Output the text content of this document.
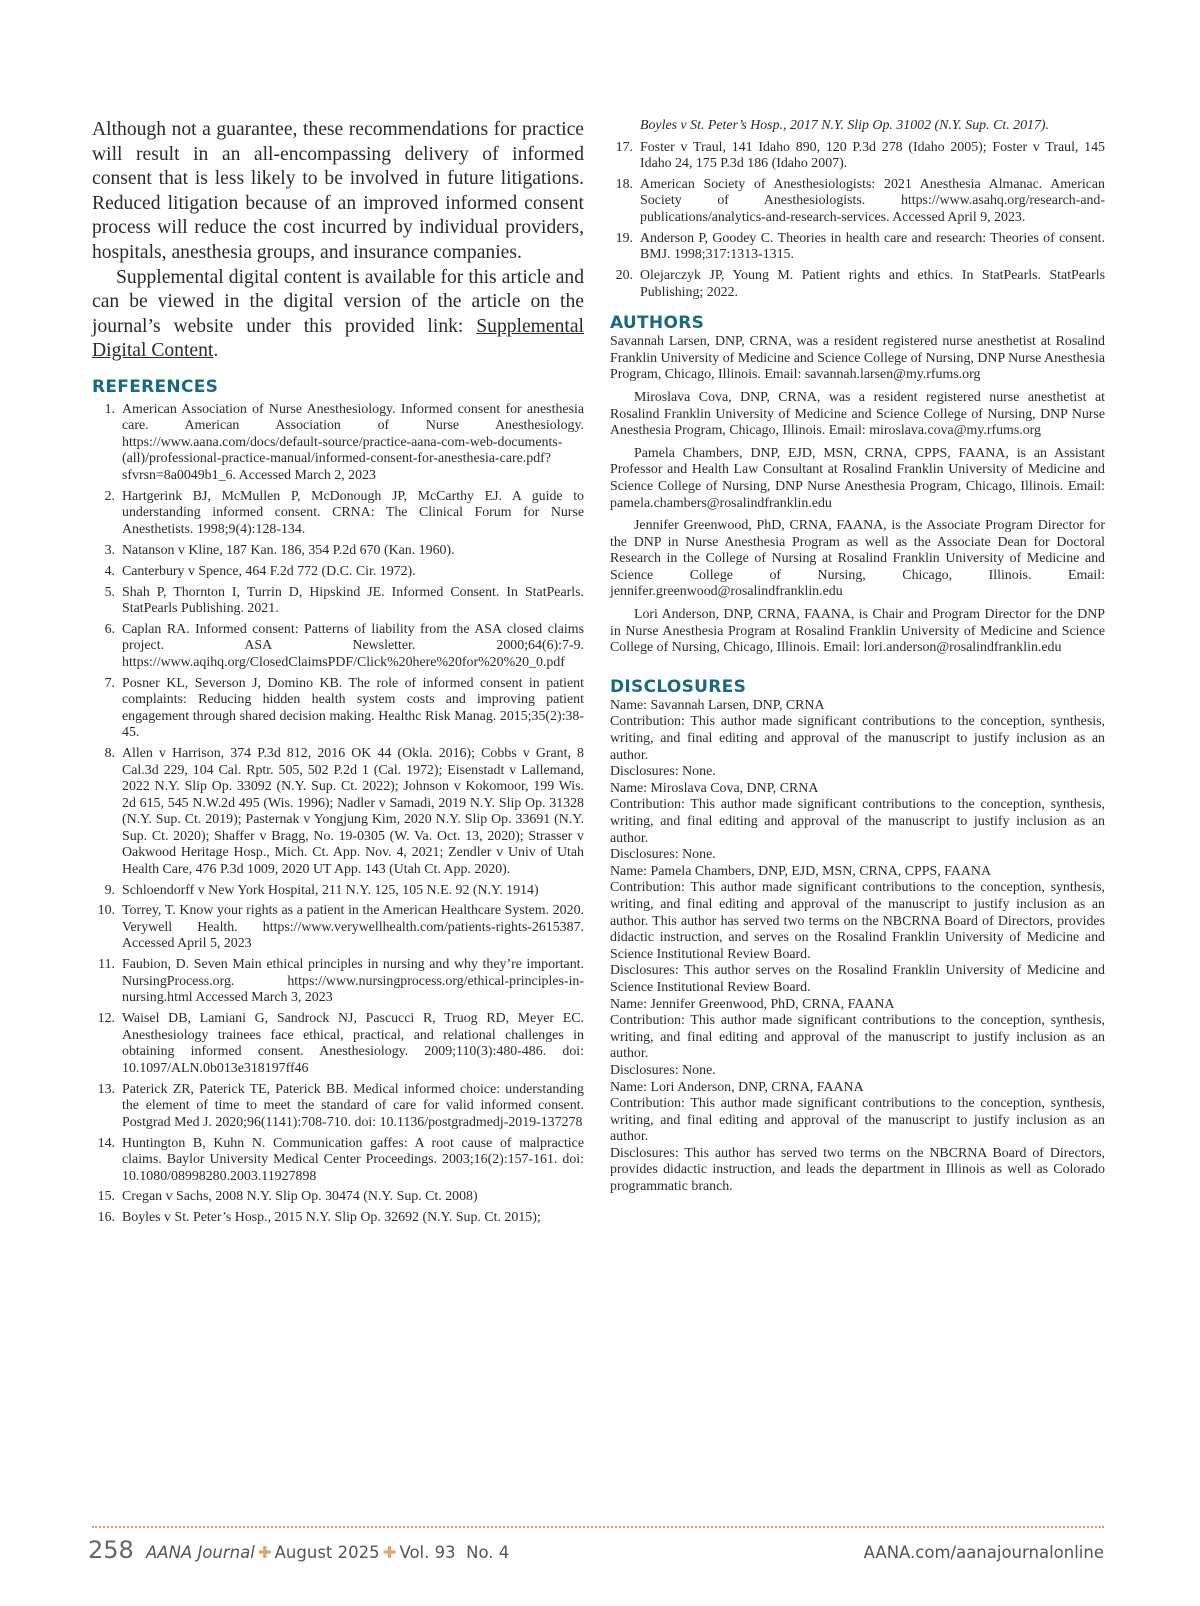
Although not a guarantee, these recommendations for practice will result in an all-encompassing delivery of informed consent that is less likely to be involved in future litigations. Reduced litigation because of an improved informed consent process will reduce the cost incurred by individual providers, hospitals, anesthesia groups, and insurance companies.

Supplemental digital content is available for this article and can be viewed in the digital version of the article on the journal’s website under this provided link: Supplemental Digital Content.

REFERENCES
1. American Association of Nurse Anesthesiology. Informed consent for anesthesia care. American Association of Nurse Anesthesiology. https://www.aana.com/docs/default-source/practice-aana-com-web-documents-(all)/professional-practice-manual/informed-consent-for-anesthesia-care.pdf?sfvrsn=8a0049b1_6. Accessed March 2, 2023
2. Hartgerink BJ, McMullen P, McDonough JP, McCarthy EJ. A guide to understanding informed consent. CRNA: The Clinical Forum for Nurse Anesthetists. 1998;9(4):128-134.
3. Natanson v Kline, 187 Kan. 186, 354 P.2d 670 (Kan. 1960).
4. Canterbury v Spence, 464 F.2d 772 (D.C. Cir. 1972).
5. Shah P, Thornton I, Turrin D, Hipskind JE. Informed Consent. In StatPearls. StatPearls Publishing. 2021.
6. Caplan RA. Informed consent: Patterns of liability from the ASA closed claims project. ASA Newsletter. 2000;64(6):7-9. https://www.aqihq.org/ClosedClaimsPDF/Click%20here%20for%20%20_0.pdf
7. Posner KL, Severson J, Domino KB. The role of informed consent in patient complaints: Reducing hidden health system costs and improving patient engagement through shared decision making. Healthc Risk Manag. 2015;35(2):38-45.
8. Allen v Harrison, 374 P.3d 812, 2016 OK 44 (Okla. 2016); Cobbs v Grant, 8 Cal.3d 229, 104 Cal. Rptr. 505, 502 P.2d 1 (Cal. 1972); Eisenstadt v Lallemand, 2022 N.Y. Slip Op. 33092 (N.Y. Sup. Ct. 2022); Johnson v Kokomoor, 199 Wis. 2d 615, 545 N.W.2d 495 (Wis. 1996); Nadler v Samadi, 2019 N.Y. Slip Op. 31328 (N.Y. Sup. Ct. 2019); Pasternak v Yongjung Kim, 2020 N.Y. Slip Op. 33691 (N.Y. Sup. Ct. 2020); Shaffer v Bragg, No. 19-0305 (W. Va. Oct. 13, 2020); Strasser v Oakwood Heritage Hosp., Mich. Ct. App. Nov. 4, 2021; Zendler v Univ of Utah Health Care, 476 P.3d 1009, 2020 UT App. 143 (Utah Ct. App. 2020).
9. Schloendorff v New York Hospital, 211 N.Y. 125, 105 N.E. 92 (N.Y. 1914)
10. Torrey, T. Know your rights as a patient in the American Healthcare System. 2020. Verywell Health. https://www.verywellhealth.com/patients-rights-2615387. Accessed April 5, 2023
11. Faubion, D. Seven Main ethical principles in nursing and why they’re important. NursingProcess.org. https://www.nursingprocess.org/ethical-principles-in-nursing.html Accessed March 3, 2023
12. Waisel DB, Lamiani G, Sandrock NJ, Pascucci R, Truog RD, Meyer EC. Anesthesiology trainees face ethical, practical, and relational challenges in obtaining informed consent. Anesthesiology. 2009;110(3):480-486. doi: 10.1097/ALN.0b013e318197ff46
13. Paterick ZR, Paterick TE, Paterick BB. Medical informed choice: understanding the element of time to meet the standard of care for valid informed consent. Postgrad Med J. 2020;96(1141):708-710. doi: 10.1136/postgradmedj-2019-137278
14. Huntington B, Kuhn N. Communication gaffes: A root cause of malpractice claims. Baylor University Medical Center Proceedings. 2003;16(2):157-161. doi: 10.1080/08998280.2003.11927898
15. Cregan v Sachs, 2008 N.Y. Slip Op. 30474 (N.Y. Sup. Ct. 2008)
16. Boyles v St. Peter’s Hosp., 2015 N.Y. Slip Op. 32692 (N.Y. Sup. Ct. 2015);
Boyles v St. Peter’s Hosp., 2017 N.Y. Slip Op. 31002 (N.Y. Sup. Ct. 2017).
17. Foster v Traul, 141 Idaho 890, 120 P.3d 278 (Idaho 2005); Foster v Traul, 145 Idaho 24, 175 P.3d 186 (Idaho 2007).
18. American Society of Anesthesiologists: 2021 Anesthesia Almanac. American Society of Anesthesiologists. https://www.asahq.org/research-and-publications/analytics-and-research-services. Accessed April 9, 2023.
19. Anderson P, Goodey C. Theories in health care and research: Theories of consent. BMJ. 1998;317:1313-1315.
20. Olejarczyk JP, Young M. Patient rights and ethics. In StatPearls. StatPearls Publishing; 2022.
AUTHORS

Savannah Larsen, DNP, CRNA, was a resident registered nurse anesthetist at Rosalind Franklin University of Medicine and Science College of Nursing, DNP Nurse Anesthesia Program, Chicago, Illinois. Email: savannah.larsen@my.rfums.org

Miroslava Cova, DNP, CRNA, was a resident registered nurse anesthetist at Rosalind Franklin University of Medicine and Science College of Nursing, DNP Nurse Anesthesia Program, Chicago, Illinois. Email: miroslava.cova@my.rfums.org

Pamela Chambers, DNP, EJD, MSN, CRNA, CPPS, FAANA, is an Assistant Professor and Health Law Consultant at Rosalind Franklin University of Medicine and Science College of Nursing, DNP Nurse Anesthesia Program, Chicago, Illinois. Email: pamela.chambers@rosalindfranklin.edu

Jennifer Greenwood, PhD, CRNA, FAANA, is the Associate Program Director for the DNP in Nurse Anesthesia Program as well as the Associate Dean for Doctoral Research in the College of Nursing at Rosalind Franklin University of Medicine and Science College of Nursing, Chicago, Illinois. Email: jennifer.greenwood@rosalindfranklin.edu

Lori Anderson, DNP, CRNA, FAANA, is Chair and Program Director for the DNP in Nurse Anesthesia Program at Rosalind Franklin University of Medicine and Science College of Nursing, Chicago, Illinois. Email: lori.anderson@rosalindfranklin.edu

DISCLOSURES

Name: Savannah Larsen, DNP, CRNA

Contribution: This author made significant contributions to the conception, synthesis, writing, and final editing and approval of the manuscript to justify inclusion as an author.

Disclosures: None.

Name: Miroslava Cova, DNP, CRNA

Contribution: This author made significant contributions to the conception, synthesis, writing, and final editing and approval of the manuscript to justify inclusion as an author.

Disclosures: None.

Name: Pamela Chambers, DNP, EJD, MSN, CRNA, CPPS, FAANA

Contribution: This author made significant contributions to the conception, synthesis, writing, and final editing and approval of the manuscript to justify inclusion as an author. This author has served two terms on the NBCRNA Board of Directors, provides didactic instruction, and serves on the Rosalind Franklin University of Medicine and Science Institutional Review Board.

Disclosures: This author serves on the Rosalind Franklin University of Medicine and Science Institutional Review Board.

Name: Jennifer Greenwood, PhD, CRNA, FAANA

Contribution: This author made significant contributions to the conception, synthesis, writing, and final editing and approval of the manuscript to justify inclusion as an author.

Disclosures: None.

Name: Lori Anderson, DNP, CRNA, FAANA

Contribution: This author made significant contributions to the conception, synthesis, writing, and final editing and approval of the manuscript to justify inclusion as an author.

Disclosures: This author has served two terms on the NBCRNA Board of Directors, provides didactic instruction, and leads the department in Illinois as well as Colorado programmatic branch.

258 AANA Journal ✚ August 2025 ✚ Vol. 93  No. 4	AANA.com/aanajournalonline
